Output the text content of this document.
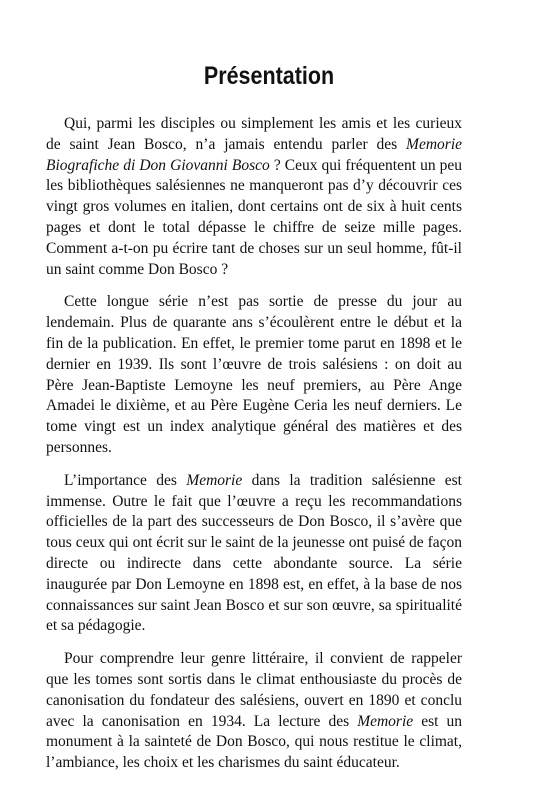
Présentation

Qui, parmi les disciples ou simplement les amis et les curieux de saint Jean Bosco, n’a jamais entendu parler des Memorie Biografiche di Don Giovanni Bosco ? Ceux qui fréquentent un peu les bibliothèques salésiennes ne manqueront pas d’y découvrir ces vingt gros volumes en italien, dont certains ont de six à huit cents pages et dont le total dépasse le chiffre de seize mille pages. Comment a-t-on pu écrire tant de choses sur un seul homme, fût-il un saint comme Don Bosco ?

Cette longue série n’est pas sortie de presse du jour au lendemain. Plus de quarante ans s’écoulèrent entre le début et la fin de la publication. En effet, le premier tome parut en 1898 et le dernier en 1939. Ils sont l’œuvre de trois salésiens : on doit au Père Jean-Baptiste Lemoyne les neuf premiers, au Père Ange Amadei le dixième, et au Père Eugène Ceria les neuf derniers. Le tome vingt est un index analytique général des matières et des personnes.

L’importance des Memorie dans la tradition salésienne est immense. Outre le fait que l’œuvre a reçu les recommandations officielles de la part des successeurs de Don Bosco, il s’avère que tous ceux qui ont écrit sur le saint de la jeunesse ont puisé de façon directe ou indirecte dans cette abondante source. La série inaugurée par Don Lemoyne en 1898 est, en effet, à la base de nos connaissances sur saint Jean Bosco et sur son œuvre, sa spiritualité et sa pédagogie.

Pour comprendre leur genre littéraire, il convient de rappeler que les tomes sont sortis dans le climat enthousiaste du procès de canonisation du fondateur des salésiens, ouvert en 1890 et conclu avec la canonisation en 1934. La lecture des Memorie est un monument à la sainteté de Don Bosco, qui nous restitue le climat, l’ambiance, les choix et les charismes du saint éducateur.
